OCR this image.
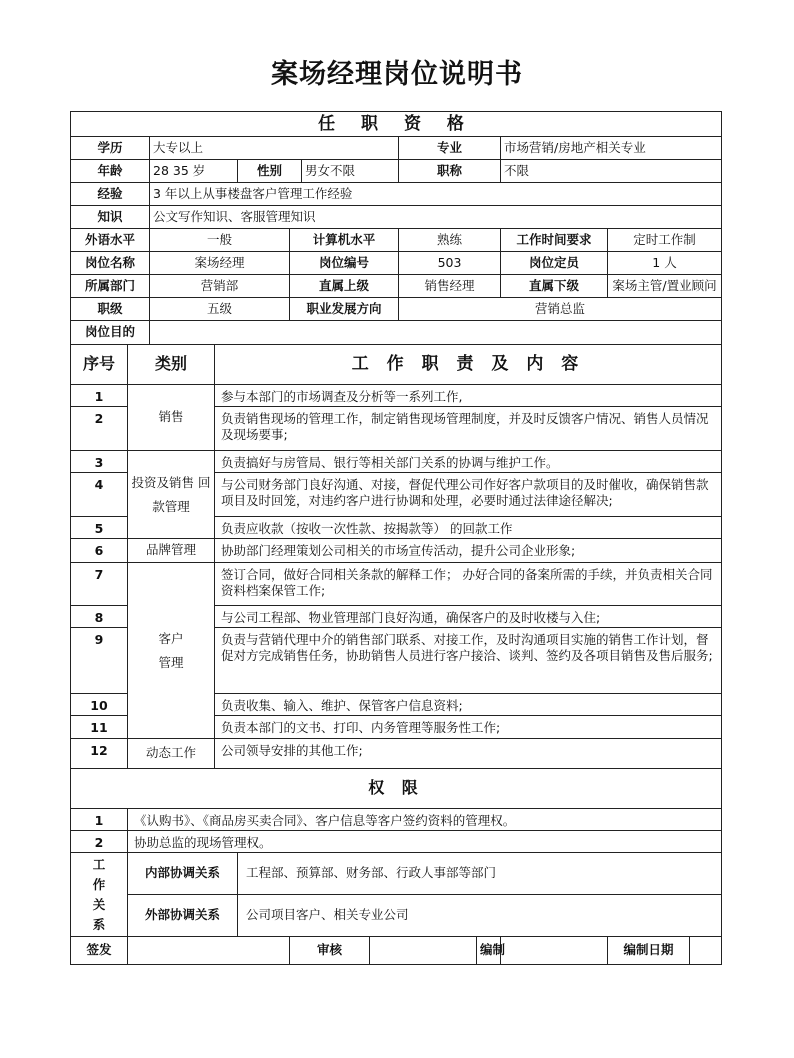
案场经理岗位说明书
任 职 资 格												
学历		大专以上						专业		市场营销/房地产相关专业		
年龄		28 35 岁		性别		男女不限		职称		不限		
经验		3 年以上从事楼盘客户管理工作经验										
知识		公文写作知识、客服管理知识										
外语水平		一般			计算机水平			熟练		工作时间要求	定时工作制	
岗位名称		案场经理			岗位编号			503		岗位定员	1 人	
所属部门		营销部			直属上级			销售经理		直属下级	案场主管/置业顾问	
职级		五级			职业发展方向			营销总监				
岗位目的												
序号	类别		工 作 职 责 及 内 容									
1	销售		参与本部门的市场调查及分析等一系列工作,									
2			负责销售现场的管理工作，制定销售现场管理制度，并及时反馈客户情况、销售人员情况及现场要事;									
3	投资及销售 回 款管理		负责搞好与房管局、银行等相关部门关系的协调与维护工作。									
4			与公司财务部门良好沟通、对接，督促代理公司作好客户款项目的及时催收，确保销售款项目及时回笼，对违约客户进行协调和处理，必要时通过法律途径解决;									
5			负责应收款（按收一次性款、按揭款等） 的回款工作									
6	品牌管理		协助部门经理策划公司相关的市场宣传活动，提升公司企业形象;									
7	客户管理		签订合同，做好合同相关条款的解释工作； 办好合同的备案所需的手续，并负责相关合同资料档案保管工作;									
8			与公司工程部、物业管理部门良好沟通，确保客户的及时收楼与入住;									
9			负责与营销代理中介的销售部门联系、对接工作，及时沟通项目实施的销售工作计划，督促对方完成销售任务，协助销售人员进行客户接洽、谈判、签约及各项目销售及售后服务;									
10			负责收集、输入、维护、保管客户信息资料;									
11			负责本部门的文书、打印、内务管理等服务性工作;									
12	动态工作		公司领导安排的其他工作;									
权 限												
1	《认购书》、《商品房买卖合同》、客户信息等客户签约资料的管理权。											
2	协助总监的现场管理权。											
工作关系	内部协调关系			工程部、预算部、财务部、行政人事部等部门								
	外部协调关系			公司项目客户、相关专业公司								
签发					审核				编制		编制日期	
